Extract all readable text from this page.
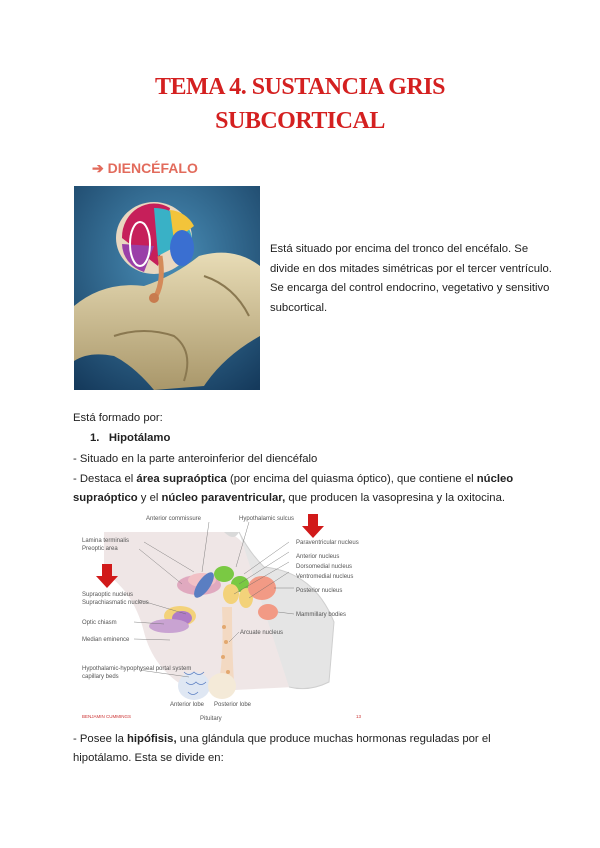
TEMA 4. SUSTANCIA GRIS
SUBCORTICAL
➔ DIENCÉFALO
Está situado por encima del tronco del encéfalo. Se divide en dos mitades simétricas por el tercer ventrículo. Se encarga del control endocrino, vegetativo y sensitivo subcortical.
Está formado por:
1. Hipotálamo
- Situado en la parte anteroinferior del diencéfalo
- Destaca el área supraóptica (por encima del quiasma óptico), que contiene el núcleo
supraóptico y el núcleo paraventricular, que producen la vasopresina y la oxitocina.
Anterior commissure	Hypothalamic sulcus
Lamina terminalis
Preoptic area
Paraventricular nucleus
Anterior nucleus
Dorsomedial nucleus
Ventromedial nucleus
Supraoptic nucleus
Suprachiasmatic nucleus
Posterior nucleus
Mammillary bodies
Optic chiasm
Median eminence
Arcuate nucleus
Hypothalamic-hypophyseal portal system
capillary beds
Anterior lobe Posterior lobe
Pituitary
BENJAMIN CUMMINGS	13
- Posee la hipófisis, una glándula que produce muchas hormonas reguladas por el
hipotálamo. Esta se divide en:
